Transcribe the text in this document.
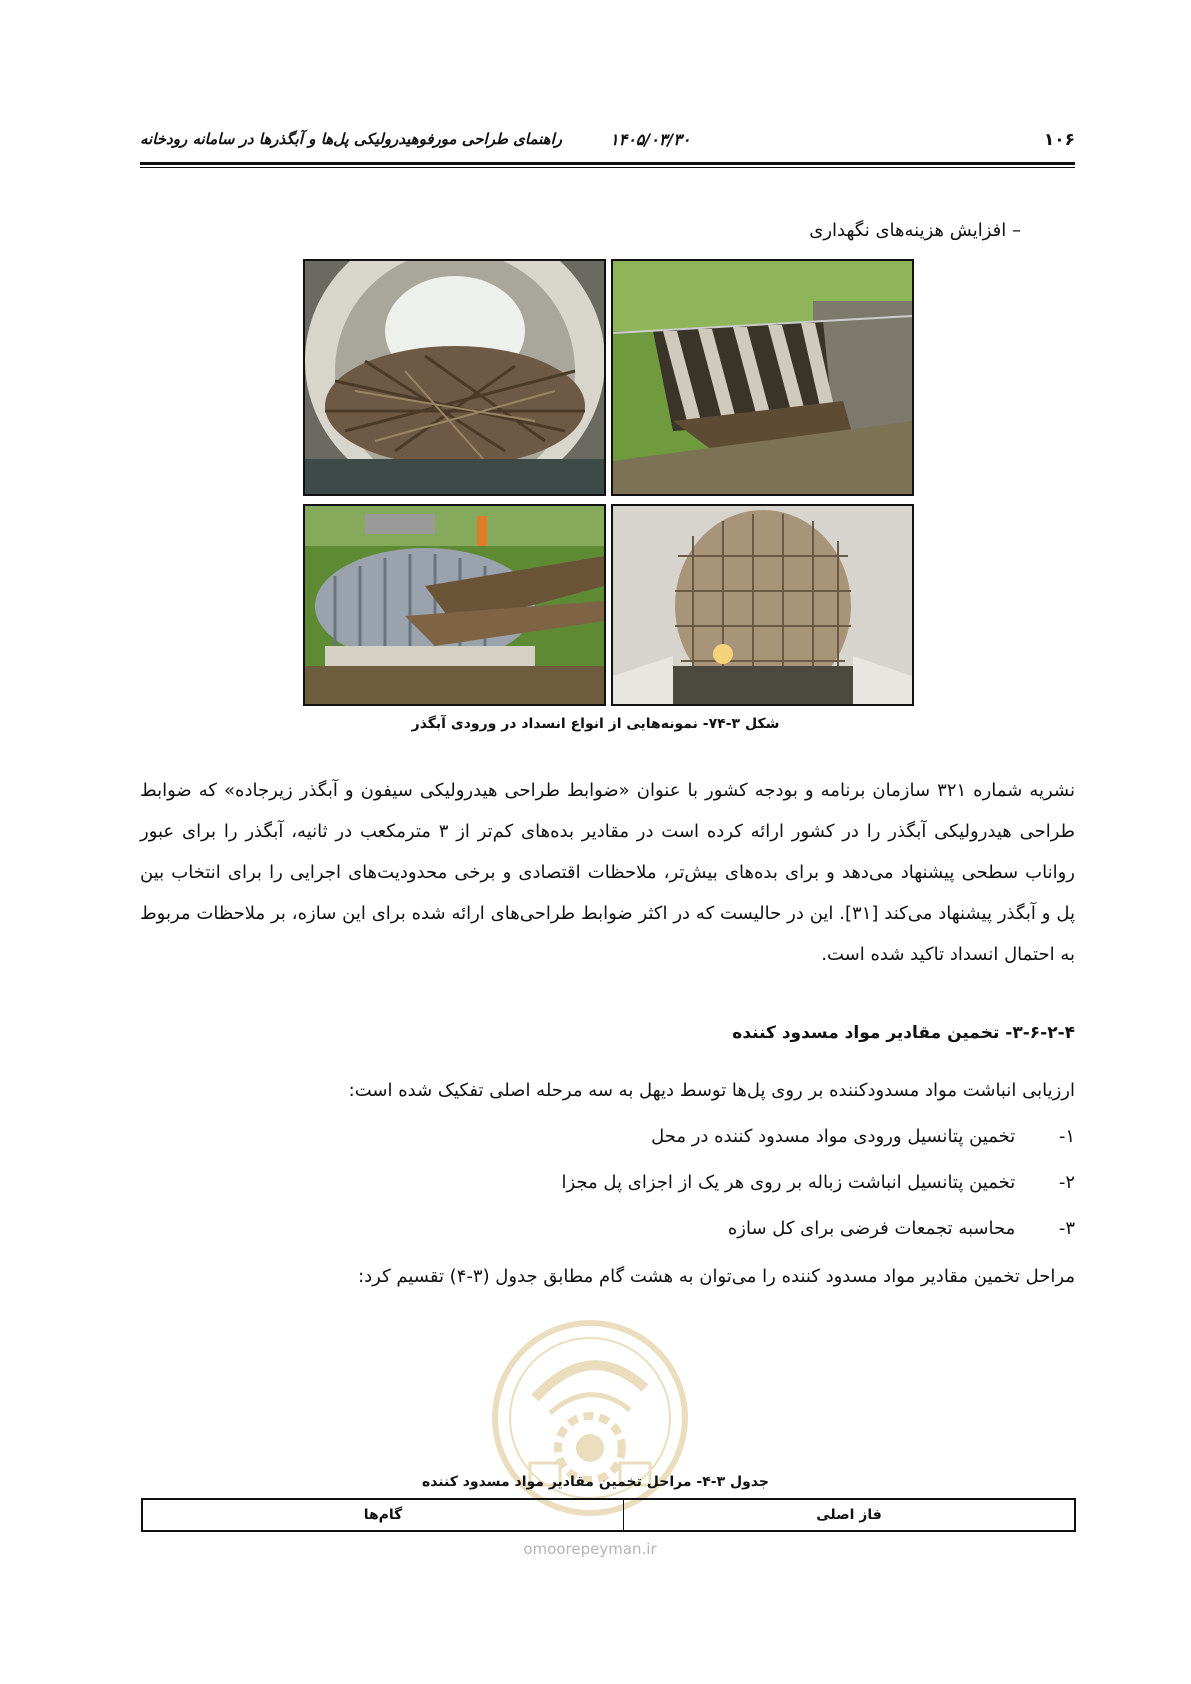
۱۰۶
۱۴۰۵/۰۳/۳۰
راهنمای طراحی مورفوهیدرولیکی پل‌ها و آبگذرها در سامانه رودخانه
– افزایش هزینه‌های نگهداری
شکل ۳-۷۴- نمونه‌هایی از انواع انسداد در ورودی آبگذر
نشریه شماره ۳۲۱ سازمان برنامه و بودجه کشور با عنوان «ضوابط طراحی هیدرولیکی سیفون و آبگذر زیرجاده» که ضوابط طراحی هیدرولیکی آبگذر را در کشور ارائه کرده است در مقادیر بده‌های کم‌تر از ۳ مترمکعب در ثانیه، آبگذر را برای عبور رواناب سطحی پیشنهاد می‌دهد و برای بده‌های بیش‌تر، ملاحظات اقتصادی و برخی محدودیت‌های اجرایی را برای انتخاب بین پل و آبگذر پیشنهاد می‌کند [۳۱]. این در حالیست که در اکثر ضوابط طراحی‌های ارائه شده برای این سازه، بر ملاحظات مربوط به احتمال انسداد تاکید شده است.
۳-۶-۲-۴- تخمین مقادیر مواد مسدود کننده
ارزیابی انباشت مواد مسدودکننده بر روی پل‌ها توسط دیهل به سه مرحله اصلی تفکیک شده است:
۱- تخمین پتانسیل ورودی مواد مسدود کننده در محل
۲- تخمین پتانسیل انباشت زباله بر روی هر یک از اجزای پل مجزا
۳- محاسبه تجمعات فرضی برای کل سازه
مراحل تخمین مقادیر مواد مسدود کننده را می‌توان به هشت گام مطابق جدول (۳-۴) تقسیم کرد:
omoorepeyman.ir
جدول ۳-۴- مراحل تخمین مقادیر مواد مسدود کننده
فاز اصلی
گام‌ها
